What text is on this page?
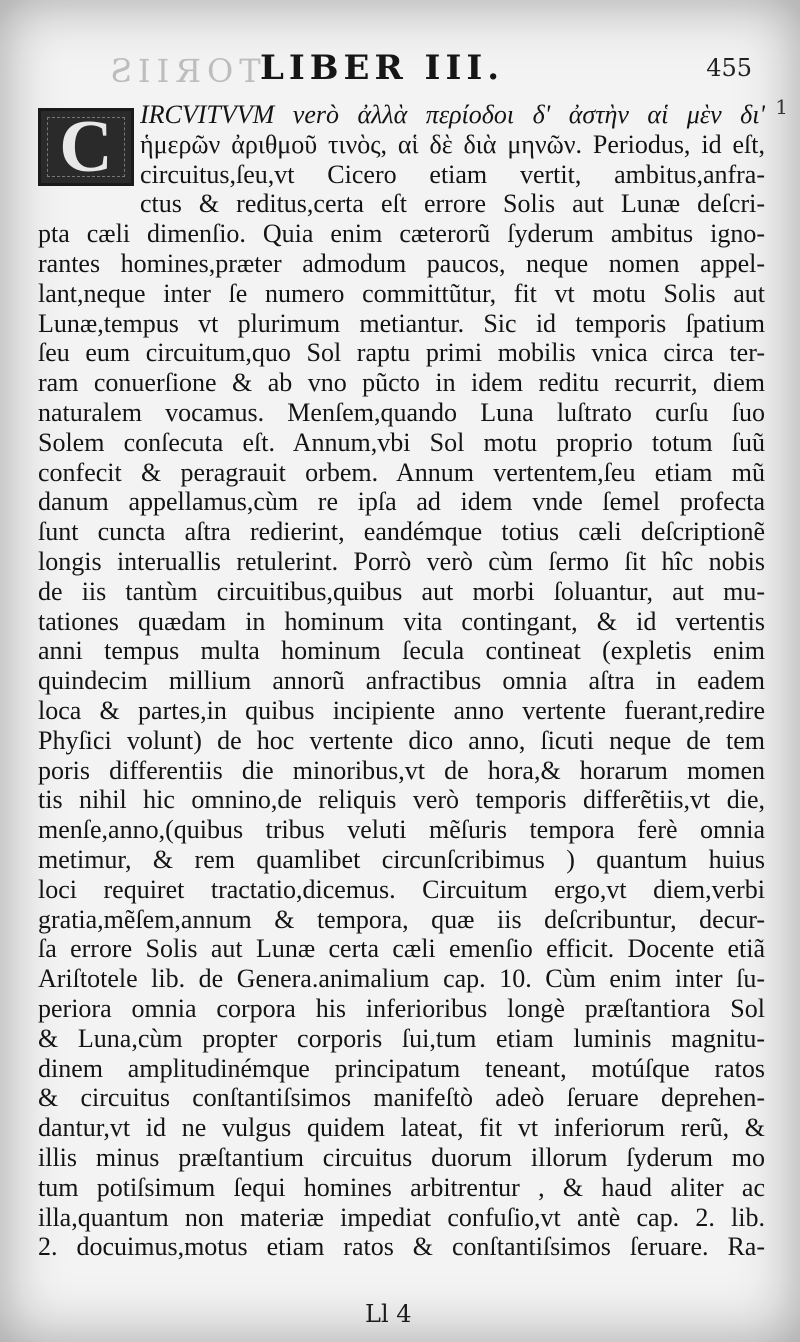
ƧIIЯOT
LIBER III.	455
1
C IRCVITVVM verò ἀλλὰ περίοδοι δ' ἀστὴν αἱ μὲν δι'
ἡμερῶν ἀριθμοῦ τινὸς, αἱ δὲ διὰ μηνῶν. Periodus, id eſt,
circuitus,ſeu,vt Cicero etiam vertit, ambitus,anfra-
ctus & reditus,certa eſt errore Solis aut Lunæ deſcri-
pta cæli dimenſio. Quia enim cæterorũ ſyderum ambitus igno-
rantes homines,præter admodum paucos, neque nomen appel-
lant,neque inter ſe numero committũtur, fit vt motu Solis aut
Lunæ,tempus vt plurimum metiantur. Sic id temporis ſpatium
ſeu eum circuitum,quo Sol raptu primi mobilis vnica circa ter-
ram conuerſione & ab vno pũcto in idem reditu recurrit, diem
naturalem vocamus. Menſem,quando Luna luſtrato curſu ſuo
Solem conſecuta eſt. Annum,vbi Sol motu proprio totum ſuũ
confecit & peragrauit orbem. Annum vertentem,ſeu etiam mũ
danum appellamus,cùm re ipſa ad idem vnde ſemel profecta
ſunt cuncta aſtra redierint, eandémque totius cæli deſcriptionẽ
longis interuallis retulerint. Porrò verò cùm ſermo ſit hîc nobis
de iis tantùm circuitibus,quibus aut morbi ſoluantur, aut mu-
tationes quædam in hominum vita contingant, & id vertentis
anni tempus multa hominum ſecula contineat (expletis enim
quindecim millium annorũ anfractibus omnia aſtra in eadem
loca & partes,in quibus incipiente anno vertente fuerant,redire
Phyſici volunt) de hoc vertente dico anno, ſicuti neque de tem
poris differentiis die minoribus,vt de hora,& horarum momen
tis nihil hic omnino,de reliquis verò temporis differẽtiis,vt die,
menſe,anno,(quibus tribus veluti mẽſuris tempora ferè omnia
metimur, & rem quamlibet circunſcribimus ) quantum huius
loci requiret tractatio,dicemus. Circuitum ergo,vt diem,verbi
gratia,mẽſem,annum & tempora, quæ iis deſcribuntur, decur-
ſa errore Solis aut Lunæ certa cæli emenſio efficit. Docente etiã
Ariſtotele lib. de Genera.animalium cap. 10. Cùm enim inter ſu-
periora omnia corpora his inferioribus longè præſtantiora Sol
& Luna,cùm propter corporis ſui,tum etiam luminis magnitu-
dinem amplitudinémque principatum teneant, motúſque ratos
& circuitus conſtantiſsimos manifeſtò adeò ſeruare deprehen-
dantur,vt id ne vulgus quidem lateat, fit vt inferiorum rerũ, &
illis minus præſtantium circuitus duorum illorum ſyderum mo
tum potiſsimum ſequi homines arbitrentur , & haud aliter ac
illa,quantum non materiæ impediat confuſio,vt antè cap. 2. lib.
2. docuimus,motus etiam ratos & conſtantiſsimos ſeruare. Ra-
Ll 4
